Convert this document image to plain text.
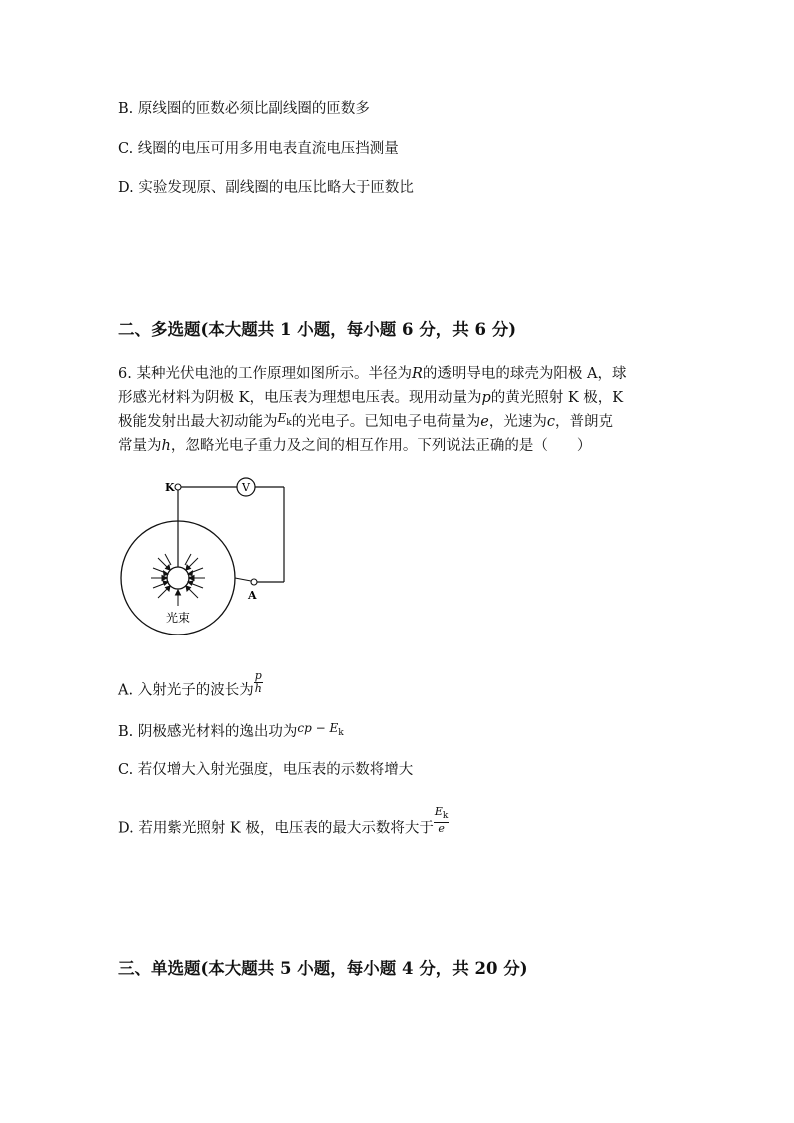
B. 原线圈的匝数必须比副线圈的匝数多
C. 线圈的电压可用多用电表直流电压挡测量
D. 实验发现原、副线圈的电压比略大于匝数比
二、多选题(本大题共 1 小题，每小题 6 分，共 6 分)
6. 某种光伏电池的工作原理如图所示。半径为R的透明导电的球壳为阳极 A，球
形感光材料为阴极 K，电压表为理想电压表。现用动量为p的黄光照射 K 极，K
极能发射出最大初动能为$^{E_k}$的光电子。已知电子电荷量为e，光速为c，普朗克
常量为h，忽略光电子重力及之间的相互作用。下列说法正确的是（　　）
V
K
A
光束
A. 入射光子的波长为 $\frac{p}{h}$
B. 阴极感光材料的逸出功为$^{cp - E_k}$
C. 若仅增大入射光强度，电压表的示数将增大
D. 若用紫光照射 K 极，电压表的最大示数将大于 $\frac{E_k}{e}$
三、单选题(本大题共 5 小题，每小题 4 分，共 20 分)
